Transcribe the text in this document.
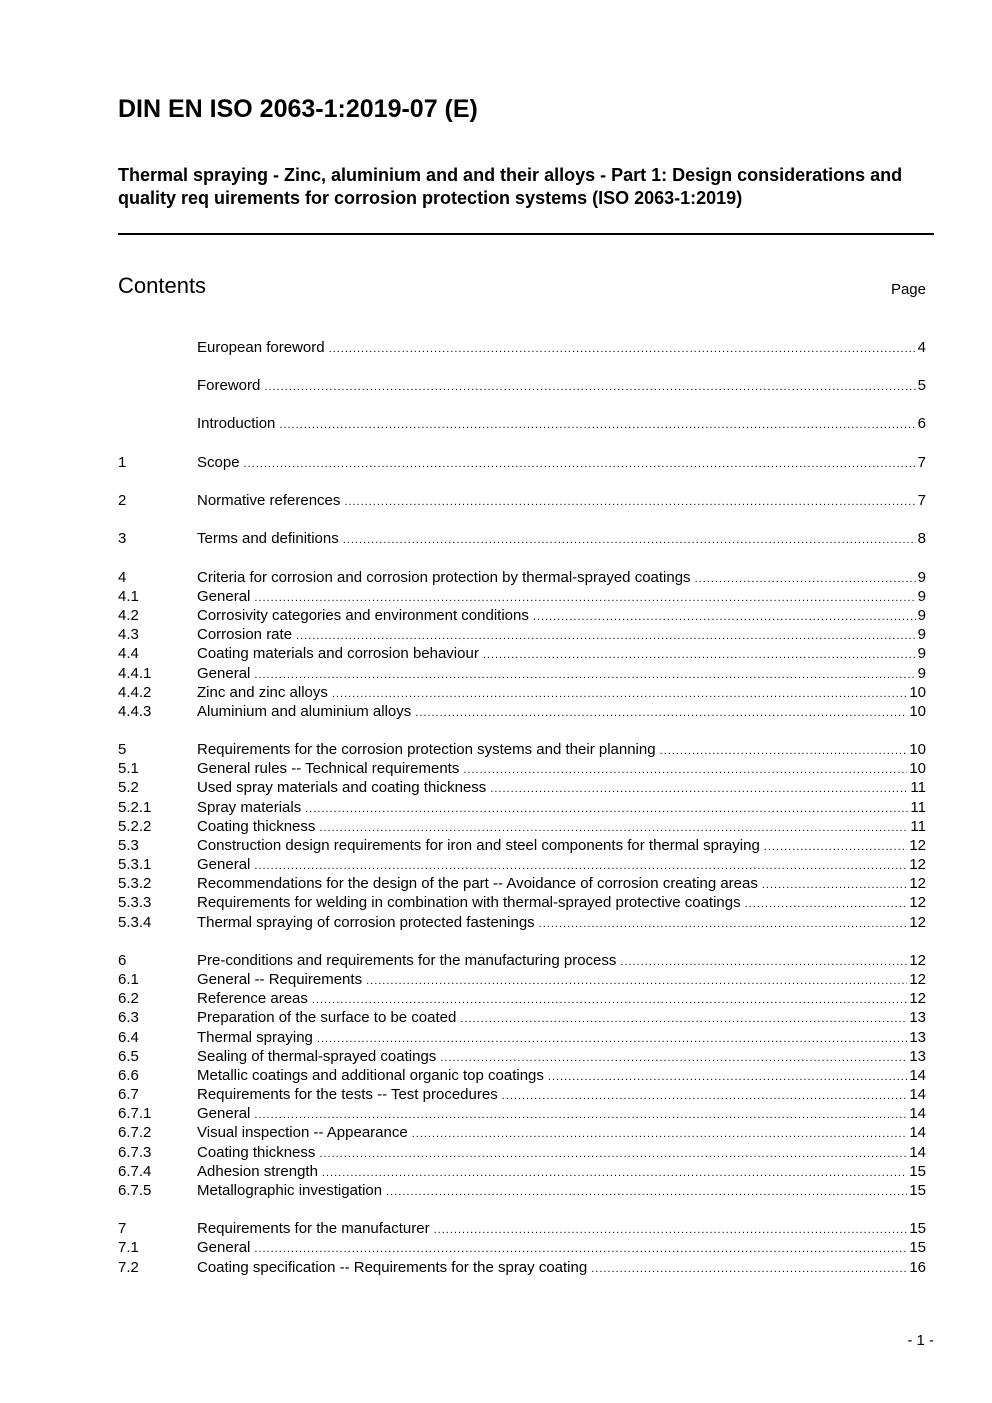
DIN EN ISO 2063-1:2019-07 (E)
Thermal spraying - Zinc, aluminium and and their alloys - Part 1: Design considerations and quality req uirements for corrosion protection systems (ISO 2063-1:2019)
Contents	Page
European foreword .....	4
Foreword .....	5
Introduction .....	6
1	Scope .....	7
2	Normative references .....	7
3	Terms and definitions .....	8
4	Criteria for corrosion and corrosion protection by thermal-sprayed coatings .....	9
4.1	General .....	9
4.2	Corrosivity categories and environment conditions .....	9
4.3	Corrosion rate .....	9
4.4	Coating materials and corrosion behaviour .....	9
4.4.1	General .....	9
4.4.2	Zinc and zinc alloys .....	10
4.4.3	Aluminium and aluminium alloys .....	10
5	Requirements for the corrosion protection systems and their planning .....	10
5.1	General rules -- Technical requirements .....	10
5.2	Used spray materials and coating thickness .....	11
5.2.1	Spray materials .....	11
5.2.2	Coating thickness .....	11
5.3	Construction design requirements for iron and steel components for thermal spraying .....	12
5.3.1	General .....	12
5.3.2	Recommendations for the design of the part -- Avoidance of corrosion creating areas .....	12
5.3.3	Requirements for welding in combination with thermal-sprayed protective coatings .....	12
5.3.4	Thermal spraying of corrosion protected fastenings .....	12
6	Pre-conditions and requirements for the manufacturing process .....	12
6.1	General -- Requirements .....	12
6.2	Reference areas .....	12
6.3	Preparation of the surface to be coated .....	13
6.4	Thermal spraying .....	13
6.5	Sealing of thermal-sprayed coatings .....	13
6.6	Metallic coatings and additional organic top coatings .....	14
6.7	Requirements for the tests -- Test procedures .....	14
6.7.1	General .....	14
6.7.2	Visual inspection -- Appearance .....	14
6.7.3	Coating thickness .....	14
6.7.4	Adhesion strength .....	15
6.7.5	Metallographic investigation .....	15
7	Requirements for the manufacturer .....	15
7.1	General .....	15
7.2	Coating specification -- Requirements for the spray coating .....	16
- 1 -
